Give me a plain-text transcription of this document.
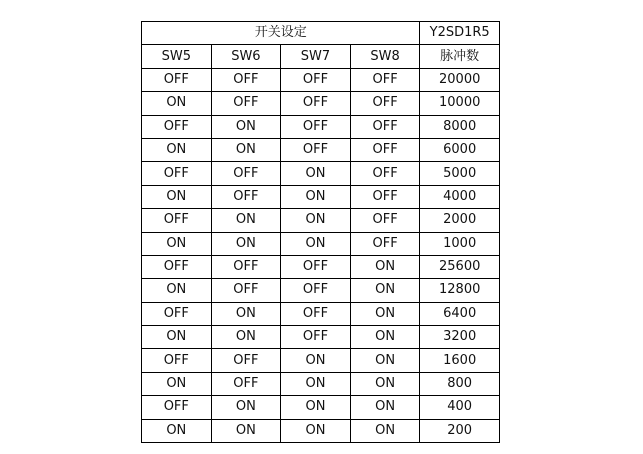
开关设定				Y2SD1R5
SW5	SW6	SW7	SW8	脉冲数
OFF	OFF	OFF	OFF	20000
ON	OFF	OFF	OFF	10000
OFF	ON	OFF	OFF	8000
ON	ON	OFF	OFF	6000
OFF	OFF	ON	OFF	5000
ON	OFF	ON	OFF	4000
OFF	ON	ON	OFF	2000
ON	ON	ON	OFF	1000
OFF	OFF	OFF	ON	25600
ON	OFF	OFF	ON	12800
OFF	ON	OFF	ON	6400
ON	ON	OFF	ON	3200
OFF	OFF	ON	ON	1600
ON	OFF	ON	ON	800
OFF	ON	ON	ON	400
ON	ON	ON	ON	200
